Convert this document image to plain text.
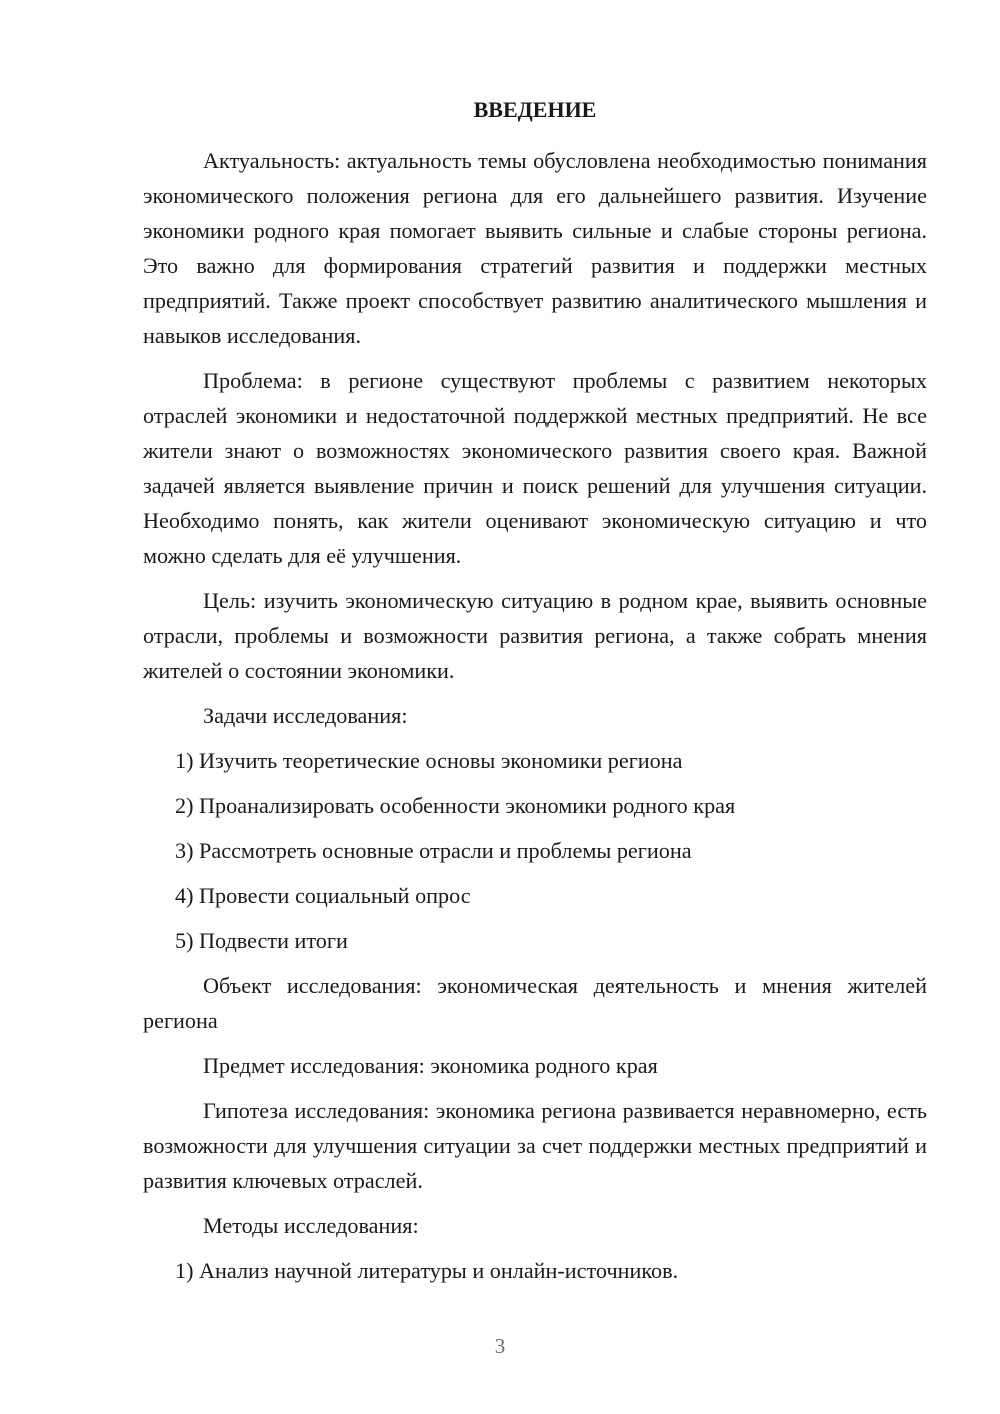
ВВЕДЕНИЕ

Актуальность: актуальность темы обусловлена необходимостью понимания экономического положения региона для его дальнейшего развития. Изучение экономики родного края помогает выявить сильные и слабые стороны региона. Это важно для формирования стратегий развития и поддержки местных предприятий. Также проект способствует развитию аналитического мышления и навыков исследования.

Проблема: в регионе существуют проблемы с развитием некоторых отраслей экономики и недостаточной поддержкой местных предприятий. Не все жители знают о возможностях экономического развития своего края. Важной задачей является выявление причин и поиск решений для улучшения ситуации. Необходимо понять, как жители оценивают экономическую ситуацию и что можно сделать для её улучшения.

Цель: изучить экономическую ситуацию в родном крае, выявить основные отрасли, проблемы и возможности развития региона, а также собрать мнения жителей о состоянии экономики.

Задачи исследования:

1) Изучить теоретические основы экономики региона

2) Проанализировать особенности экономики родного края

3) Рассмотреть основные отрасли и проблемы региона

4) Провести социальный опрос

5) Подвести итоги

Объект исследования: экономическая деятельность и мнения жителей региона

Предмет исследования: экономика родного края

Гипотеза исследования: экономика региона развивается неравномерно, есть возможности для улучшения ситуации за счет поддержки местных предприятий и развития ключевых отраслей.

Методы исследования:

1) Анализ научной литературы и онлайн-источников.

3
